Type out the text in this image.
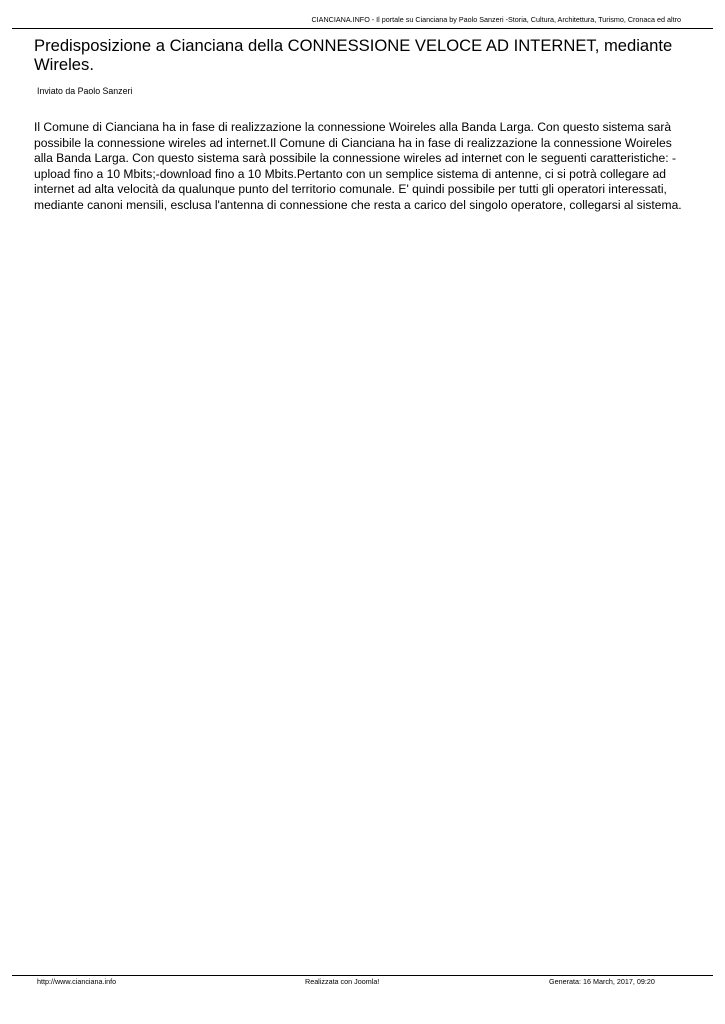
CIANCIANA.INFO - Il portale su Cianciana by Paolo Sanzeri -Storia, Cultura, Architettura, Turismo, Cronaca ed altro
Predisposizione a Cianciana della CONNESSIONE VELOCE AD INTERNET, mediante Wireles.
Inviato da Paolo Sanzeri

Il Comune di Cianciana ha in fase di realizzazione la connessione Woireles alla Banda Larga. Con questo sistema sarà possibile la connessione wireles ad internet.Il Comune di Cianciana ha in fase di realizzazione la connessione Woireles alla Banda Larga. Con questo sistema sarà possibile la connessione wireles ad internet con le seguenti caratteristiche: -upload fino a 10 Mbits;-download fino a 10 Mbits.Pertanto con un semplice sistema di antenne, ci si potrà collegare ad internet ad alta velocità da qualunque punto del territorio comunale. E' quindi possibile per tutti gli operatori interessati, mediante canoni mensili, esclusa l'antenna di connessione che resta a carico del singolo operatore, collegarsi al sistema.

http://www.cianciana.info	Realizzata con Joomla!	Generata: 16 March, 2017, 09:20
